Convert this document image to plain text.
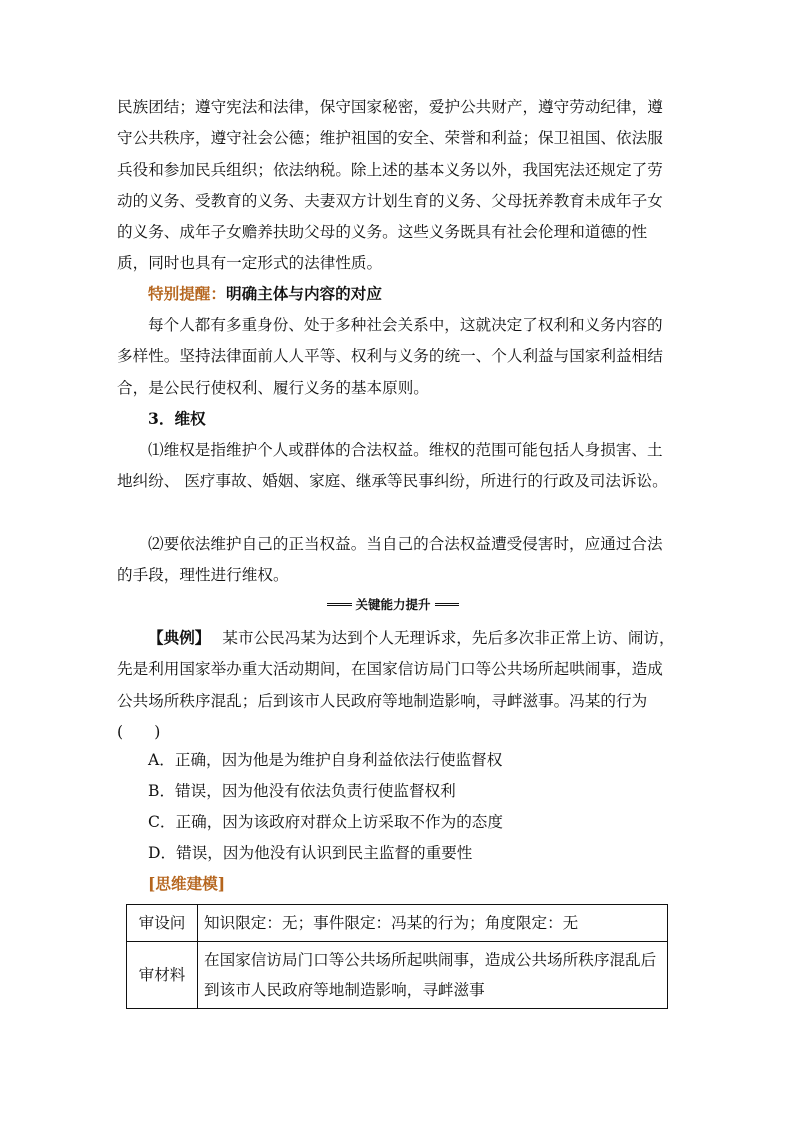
民族团结；遵守宪法和法律，保守国家秘密，爱护公共财产，遵守劳动纪律，遵守公共秩序，遵守社会公德；维护祖国的安全、荣誉和利益；保卫祖国、依法服兵役和参加民兵组织；依法纳税。除上述的基本义务以外，我国宪法还规定了劳动的义务、受教育的义务、夫妻双方计划生育的义务、父母抚养教育未成年子女的义务、成年子女赡养扶助父母的义务。这些义务既具有社会伦理和道德的性质，同时也具有一定形式的法律性质。

特别提醒：明确主体与内容的对应

每个人都有多重身份、处于多种社会关系中，这就决定了权利和义务内容的多样性。坚持法律面前人人平等、权利与义务的统一、个人利益与国家利益相结合，是公民行使权利、履行义务的基本原则。

3．维权

⑴维权是指维护个人或群体的合法权益。维权的范围可能包括人身损害、土地纠纷、 医疗事故、婚姻、家庭、继承等民事纠纷，所进行的行政及司法诉讼。

⑵要依法维护自己的正当权益。当自己的合法权益遭受侵害时，应通过合法的手段，理性进行维权。

关键能力提升

【典例】 某市公民冯某为达到个人无理诉求，先后多次非正常上访、闹访，先是利用国家举办重大活动期间，在国家信访局门口等公共场所起哄闹事，造成公共场所秩序混乱；后到该市人民政府等地制造影响，寻衅滋事。冯某的行为(　　)

A．正确，因为他是为维护自身利益依法行使监督权
B．错误，因为他没有依法负责行使监督权利
C．正确，因为该政府对群众上访采取不作为的态度
D．错误，因为他没有认识到民主监督的重要性
[思维建模]
审设问	知识限定：无；事件限定：冯某的行为；角度限定：无
审材料	在国家信访局门口等公共场所起哄闹事，造成公共场所秩序混乱后到该市人民政府等地制造影响，寻衅滋事
